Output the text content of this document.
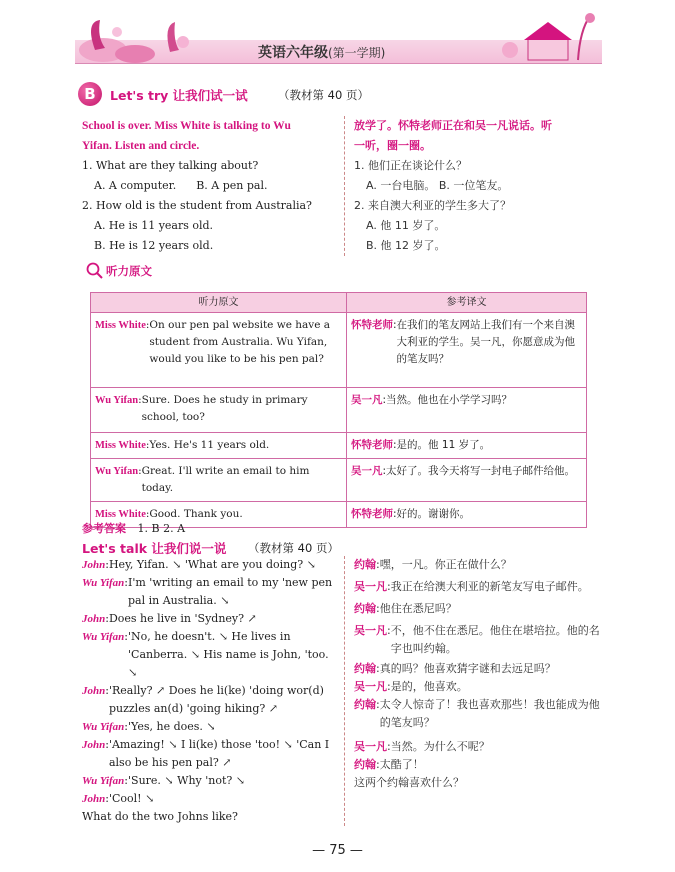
英语六年级(第一学期)
B	Let's try 让我们试一试	（教材第 40 页）
School is over. Miss White is talking to Wu
Yifan. Listen and circle.
1. What are they talking about?
A. A computer. B. A pen pal.
2. How old is the student from Australia?
A. He is 11 years old.
B. He is 12 years old.
放学了。怀特老师正在和吴一凡说话。听
一听，圈一圈。
1. 他们正在谈论什么？
A. 一台电脑。 B. 一位笔友。
2. 来自澳大利亚的学生多大了？
A. 他 11 岁了。
B. 他 12 岁了。
听力原文
听力原文	参考译文

Miss White : On our pen pal website we have a student from Australia. Wu Yifan, would you like to be his pen pal?	怀特老师 : 在我们的笔友网站上我们有一个来自澳大利亚的学生。吴一凡，你愿意成为他的笔友吗？

Wu Yifan : Sure. Does he study in primary school, too?	吴一凡 : 当然。他也在小学学习吗？

Miss White : Yes. He's 11 years old.	怀特老师 : 是的。他 11 岁了。

Wu Yifan : Great. I'll write an email to him today.	吴一凡 : 太好了。我今天将写一封电子邮件给他。

Miss White : Good. Thank you.	怀特老师 : 好的。谢谢你。
参考答案 1. B 2. A
Let's talk 让我们说一说 （教材第 40 页）
John : Hey, Yifan. ↘ 'What are you doing? ↘
Wu Yifan : I'm 'writing an email to my 'new pen pal in Australia. ↘
John : Does he live in 'Sydney? ↗
Wu Yifan : 'No, he doesn't. ↘ He lives in 'Canberra. ↘ His name is John, 'too. ↘
John : 'Really? ↗ Does he li(ke) 'doing wor(d) puzzles an(d) 'going hiking? ↗
Wu Yifan : 'Yes, he does. ↘
John : 'Amazing! ↘ I li(ke) those 'too! ↘ 'Can I also be his pen pal? ↗
Wu Yifan : 'Sure. ↘ Why 'not? ↘
John : 'Cool! ↘
What do the two Johns like?
约翰 : 嘿，一凡。你正在做什么？
吴一凡 : 我正在给澳大利亚的新笔友写电子邮件。
约翰 : 他住在悉尼吗？
吴一凡 : 不，他不住在悉尼。他住在堪培拉。他的名字也叫约翰。
约翰 : 真的吗？他喜欢猜字谜和去远足吗？
吴一凡 : 是的，他喜欢。
约翰 : 太令人惊奇了！我也喜欢那些！我也能成为他的笔友吗？
吴一凡 : 当然。为什么不呢？
约翰 : 太酷了！
这两个约翰喜欢什么？
— 75 —
